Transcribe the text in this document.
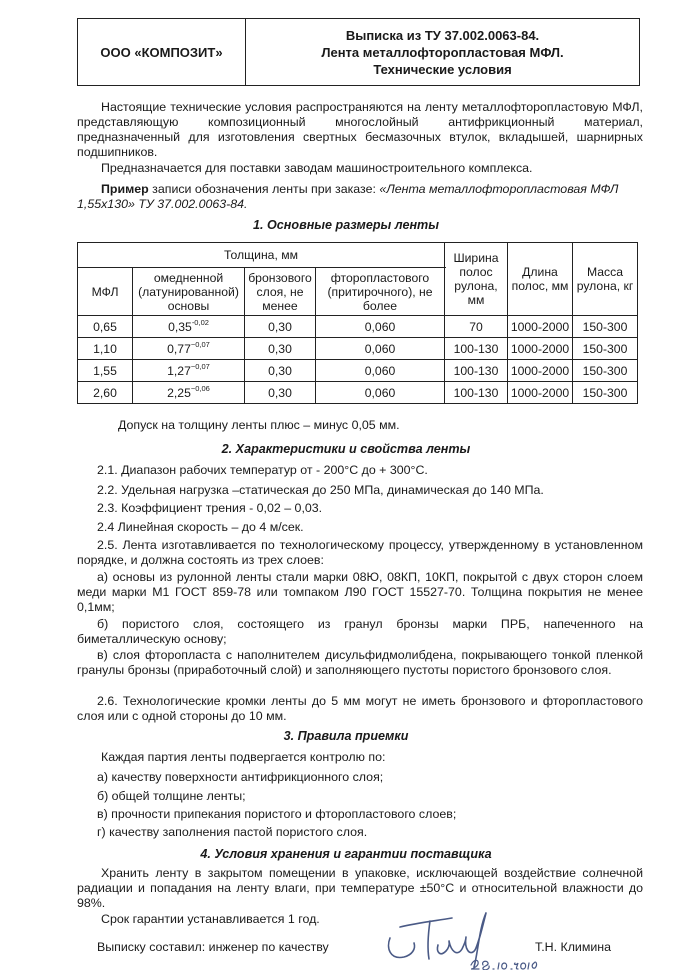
ООО «КОМПОЗИТ»
Выписка из ТУ 37.002.0063-84.
Лента металлофторопластовая МФЛ.
Технические условия

Настоящие технические условия распространяются на ленту металлофторопластовую МФЛ, представляющую композиционный многослойный антифрикционный материал, предназначенный для изготовления свертных бесмазочных втулок, вкладышей, шарнирных подшипников.

Предназначается для поставки заводам машиностроительного комплекса.

Пример записи обозначения ленты при заказе: «Лента металлофторопластовая МФЛ 1,55х130» ТУ 37.002.0063-84.

1. Основные размеры ленты
Толщина, мм				Ширина полос рулона, мм	Длина полос, мм	Масса рулона, кг
МФЛ	омедненной (латунированной) основы	бронзового слоя, не менее	фторопластового (притирочного), не более			
0,65	$0,35^{-0,02}$	0,30	0,060	70	1000-2000	150-300
1,10	$0,77^{-0,07}$	0,30	0,060	100-130	1000-2000	150-300
1,55	$1,27^{-0,07}$	0,30	0,060	100-130	1000-2000	150-300
2,60	$2,25^{-0,06}$	0,30	0,060	100-130	1000-2000	150-300

Допуск на толщину ленты плюс – минус 0,05 мм.

2. Характеристики и свойства ленты

2.1. Диапазон рабочих температур от - 200°С до + 300°С.

2.2. Удельная нагрузка –статическая до 250 МПа, динамическая до 140 МПа.

2.3. Коэффициент трения - 0,02 – 0,03.

2.4 Линейная скорость – до 4 м/сек.

2.5. Лента изготавливается по технологическому процессу, утвержденному в установленном порядке, и должна состоять из трех слоев:

а) основы из рулонной ленты стали марки 08Ю, 08КП, 10КП, покрытой с двух сторон слоем меди марки М1 ГОСТ 859-78 или томпаком Л90 ГОСТ 15527-70. Толщина покрытия не менее 0,1мм;

б) пористого слоя, состоящего из гранул бронзы марки ПРБ, напеченного на биметаллическую основу;

в) слоя фторопласта с наполнителем дисульфидмолибдена, покрывающего тонкой пленкой гранулы бронзы (приработочный слой) и заполняющего пустоты пористого бронзового слоя.

2.6. Технологические кромки ленты до 5 мм могут не иметь бронзового и фторопластового слоя или с одной стороны до 10 мм.

3. Правила приемки

Каждая партия ленты подвергается контролю по:

а) качеству поверхности антифрикционного слоя;

б) общей толщине ленты;

в) прочности припекания пористого и фторопластового слоев;

г) качеству заполнения пастой пористого слоя.

4. Условия хранения и гарантии поставщика

Хранить ленту в закрытом помещении в упаковке, исключающей воздействие солнечной радиации и попадания на ленту влаги, при температуре ±50°С и относительной влажности до 98%.

Срок гарантии устанавливается 1 год.

Выписку составил: инженер по качеству	Т.Н. Климина
